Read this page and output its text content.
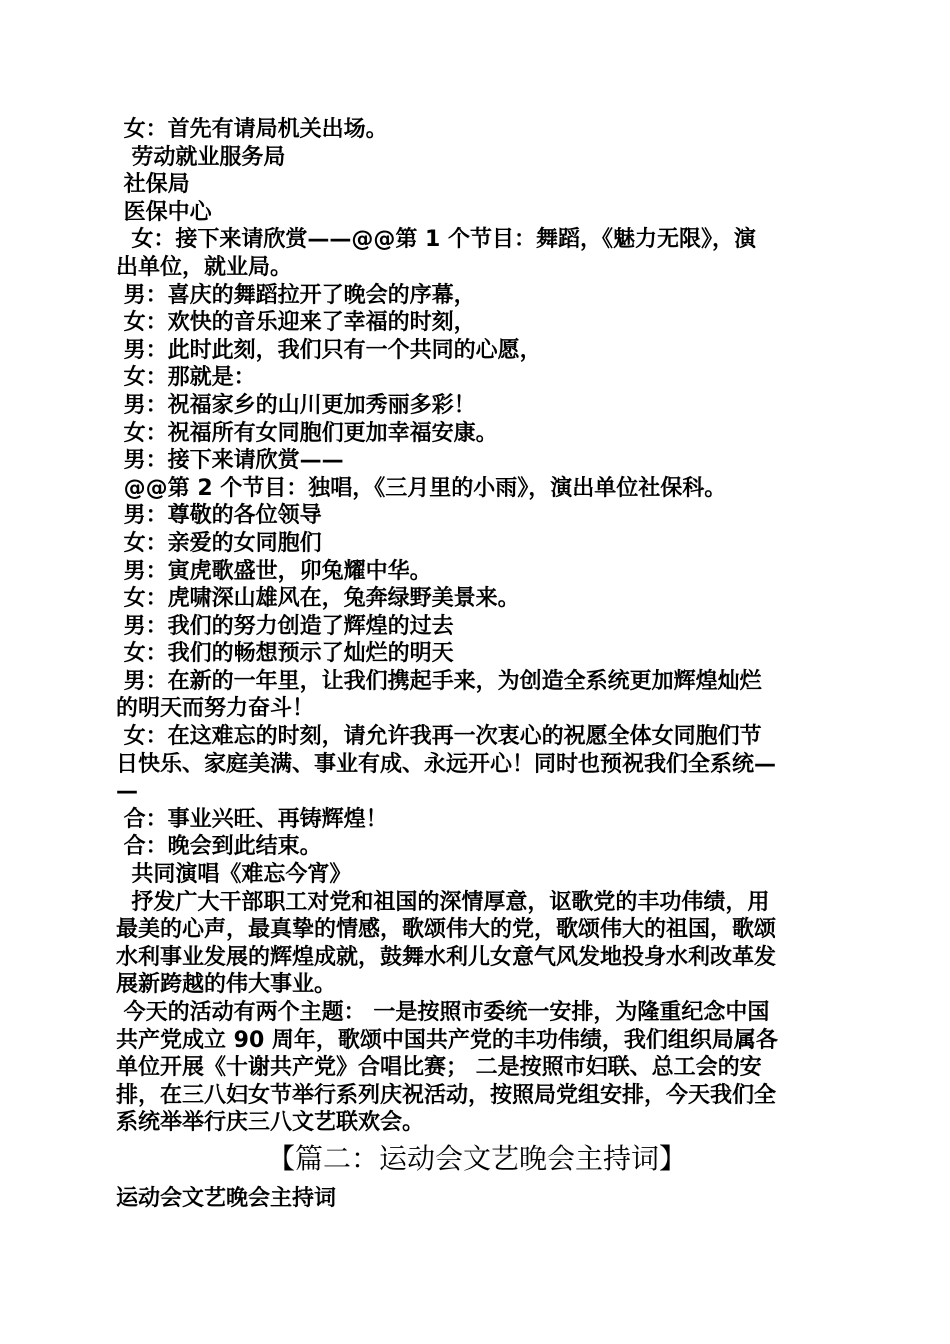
女：首先有请局机关出场。
劳动就业服务局
社保局
医保中心
女：接下来请欣赏——@@第 1 个节目：舞蹈，《魅力无限》，演
出单位，就业局。
男：喜庆的舞蹈拉开了晚会的序幕，
女：欢快的音乐迎来了幸福的时刻，
男：此时此刻，我们只有一个共同的心愿，
女：那就是：
男：祝福家乡的山川更加秀丽多彩！
女：祝福所有女同胞们更加幸福安康。
男：接下来请欣赏——
@@第 2 个节目：独唱，《三月里的小雨》，演出单位社保科。
男：尊敬的各位领导
女：亲爱的女同胞们
男：寅虎歌盛世，卯兔耀中华。
女：虎啸深山雄风在，兔奔绿野美景来。
男：我们的努力创造了辉煌的过去
女：我们的畅想预示了灿烂的明天
男：在新的一年里，让我们携起手来，为创造全系统更加辉煌灿烂
的明天而努力奋斗！
女：在这难忘的时刻，请允许我再一次衷心的祝愿全体女同胞们节
日快乐、家庭美满、事业有成、永远开心！同时也预祝我们全系统—
—
合：事业兴旺、再铸辉煌！
合：晚会到此结束。
共同演唱《难忘今宵》
抒发广大干部职工对党和祖国的深情厚意，讴歌党的丰功伟绩，用
最美的心声，最真挚的情感，歌颂伟大的党，歌颂伟大的祖国，歌颂
水利事业发展的辉煌成就，鼓舞水利儿女意气风发地投身水利改革发
展新跨越的伟大事业。
今天的活动有两个主题： 一是按照市委统一安排，为隆重纪念中国
共产党成立 90 周年，歌颂中国共产党的丰功伟绩，我们组织局属各
单位开展《十谢共产党》合唱比赛； 二是按照市妇联、总工会的安
排，在三八妇女节举行系列庆祝活动，按照局党组安排，今天我们全
系统举举行庆三八文艺联欢会。
【篇二：运动会文艺晚会主持词】
运动会文艺晚会主持词
